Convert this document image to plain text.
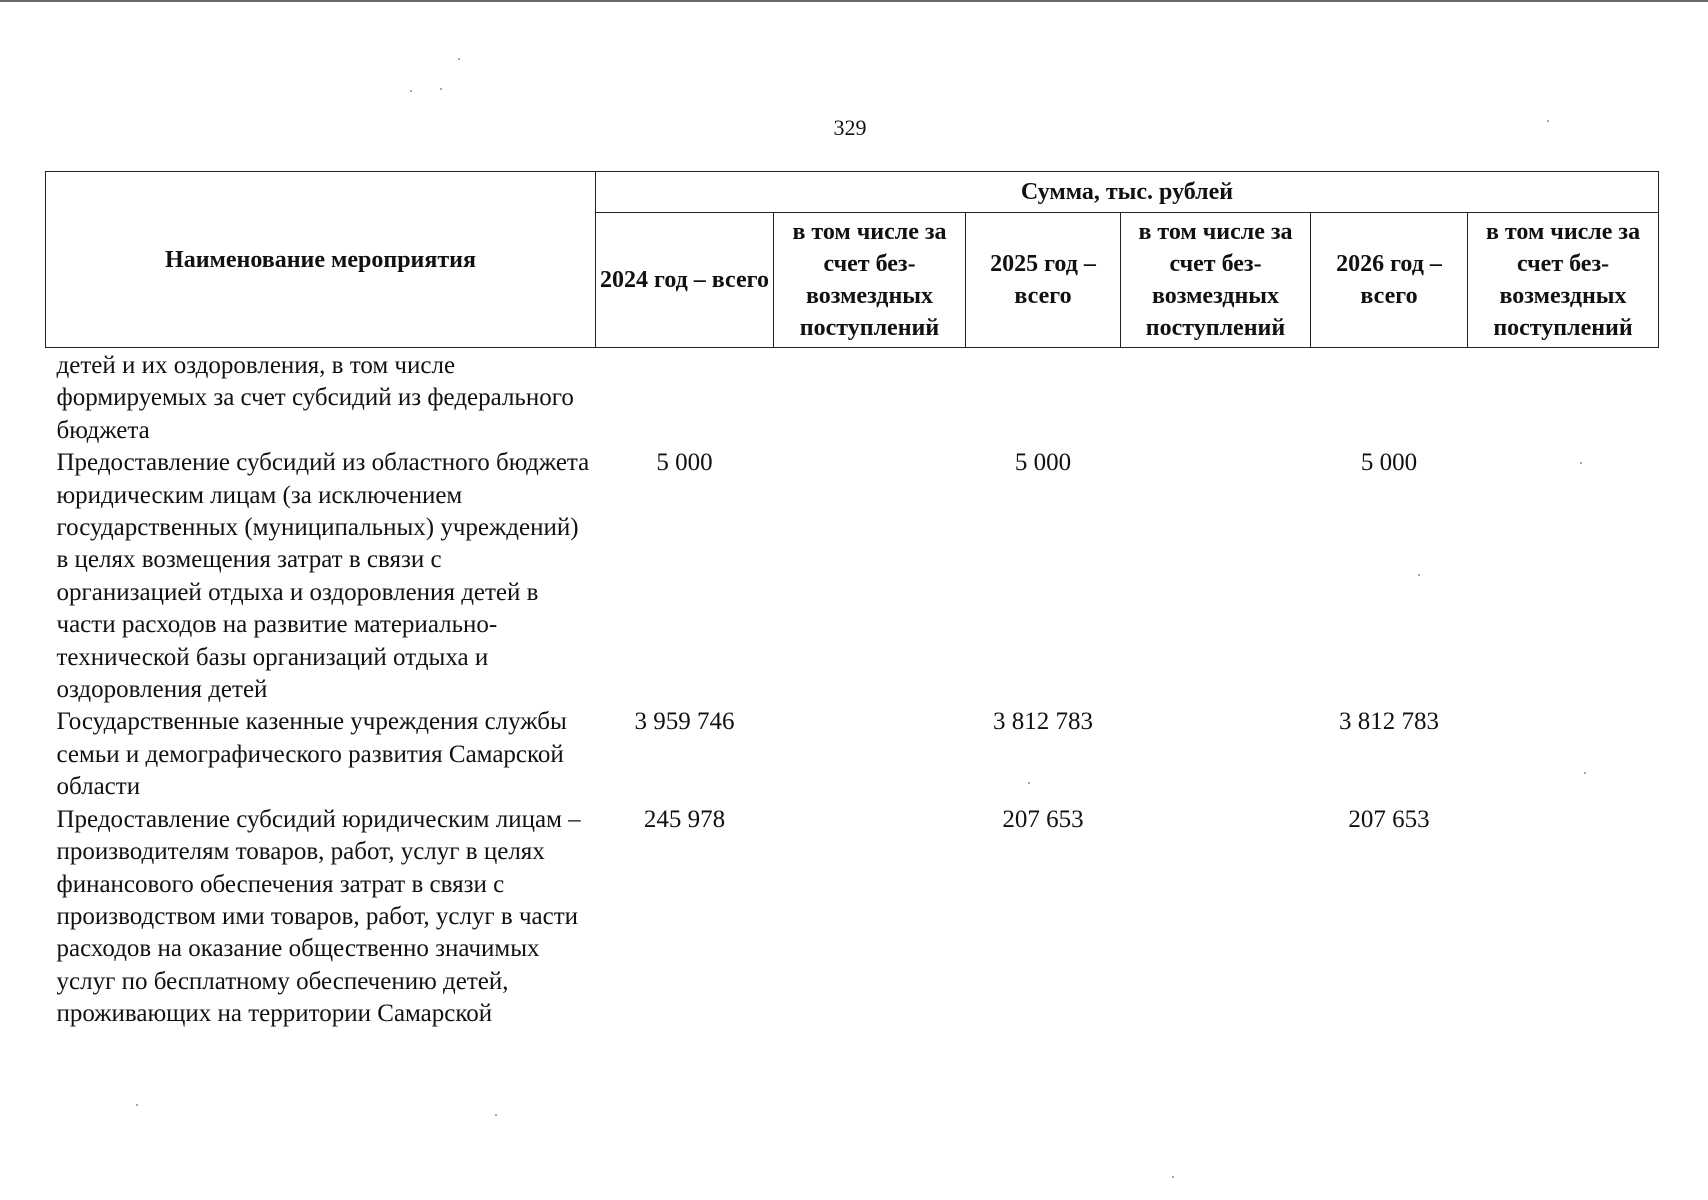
329
Наименование мероприятия	Сумма, тыс. рублей					
	2024 год – всего	в том числе за счет без-возмездных поступлений	2025 год – всего	в том числе за счет без-возмездных поступлений	2026 год – всего	в том числе за счет без-возмездных поступлений
детей и их оздоровления, в том числе формируемых за счет субсидий из федерального бюджета						
Предоставление субсидий из областного бюджета юридическим лицам (за исключением государственных (муниципальных) учреждений) в целях возмещения затрат в связи с организацией отдыха и оздоровления детей в части расходов на развитие материально-технической базы организаций отдыха и оздоровления детей	5 000		5 000		5 000	
Государственные казенные учреждения службы семьи и демографического развития Самарской области	3 959 746		3 812 783		3 812 783	
Предоставление субсидий юридическим лицам – производителям товаров, работ, услуг в целях финансового обеспечения затрат в связи с производством ими товаров, работ, услуг в части расходов на оказание общественно значимых услуг по бесплатному обеспечению детей, проживающих на территории Самарской	245 978		207 653		207 653	
